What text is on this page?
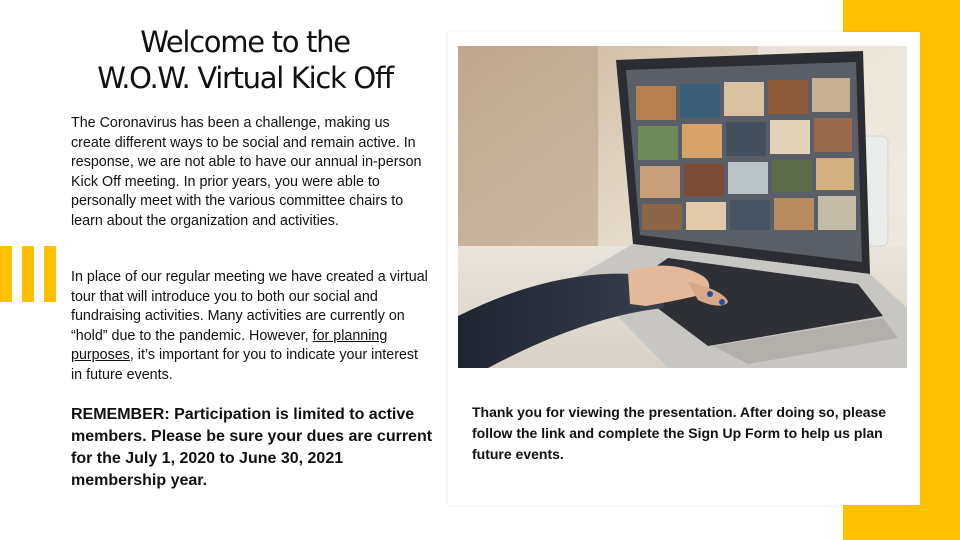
Welcome to the
W.O.W. Virtual Kick Off

The Coronavirus has been a challenge, making us create different ways to be social and remain active. In response, we are not able to have our annual in-person Kick Off meeting. In prior years, you were able to personally meet with the various committee chairs to learn about the organization and activities.

In place of our regular meeting we have created a virtual tour that will introduce you to both our social and fundraising activities. Many activities are currently on “hold” due to the pandemic. However, for planning purposes, it’s important for you to indicate your interest in future events.

REMEMBER: Participation is limited to active members. Please be sure your dues are current for the July 1, 2020 to June 30, 2021 membership year.

Thank you for viewing the presentation. After doing so, please follow the link and complete the Sign Up Form to help us plan future events.
